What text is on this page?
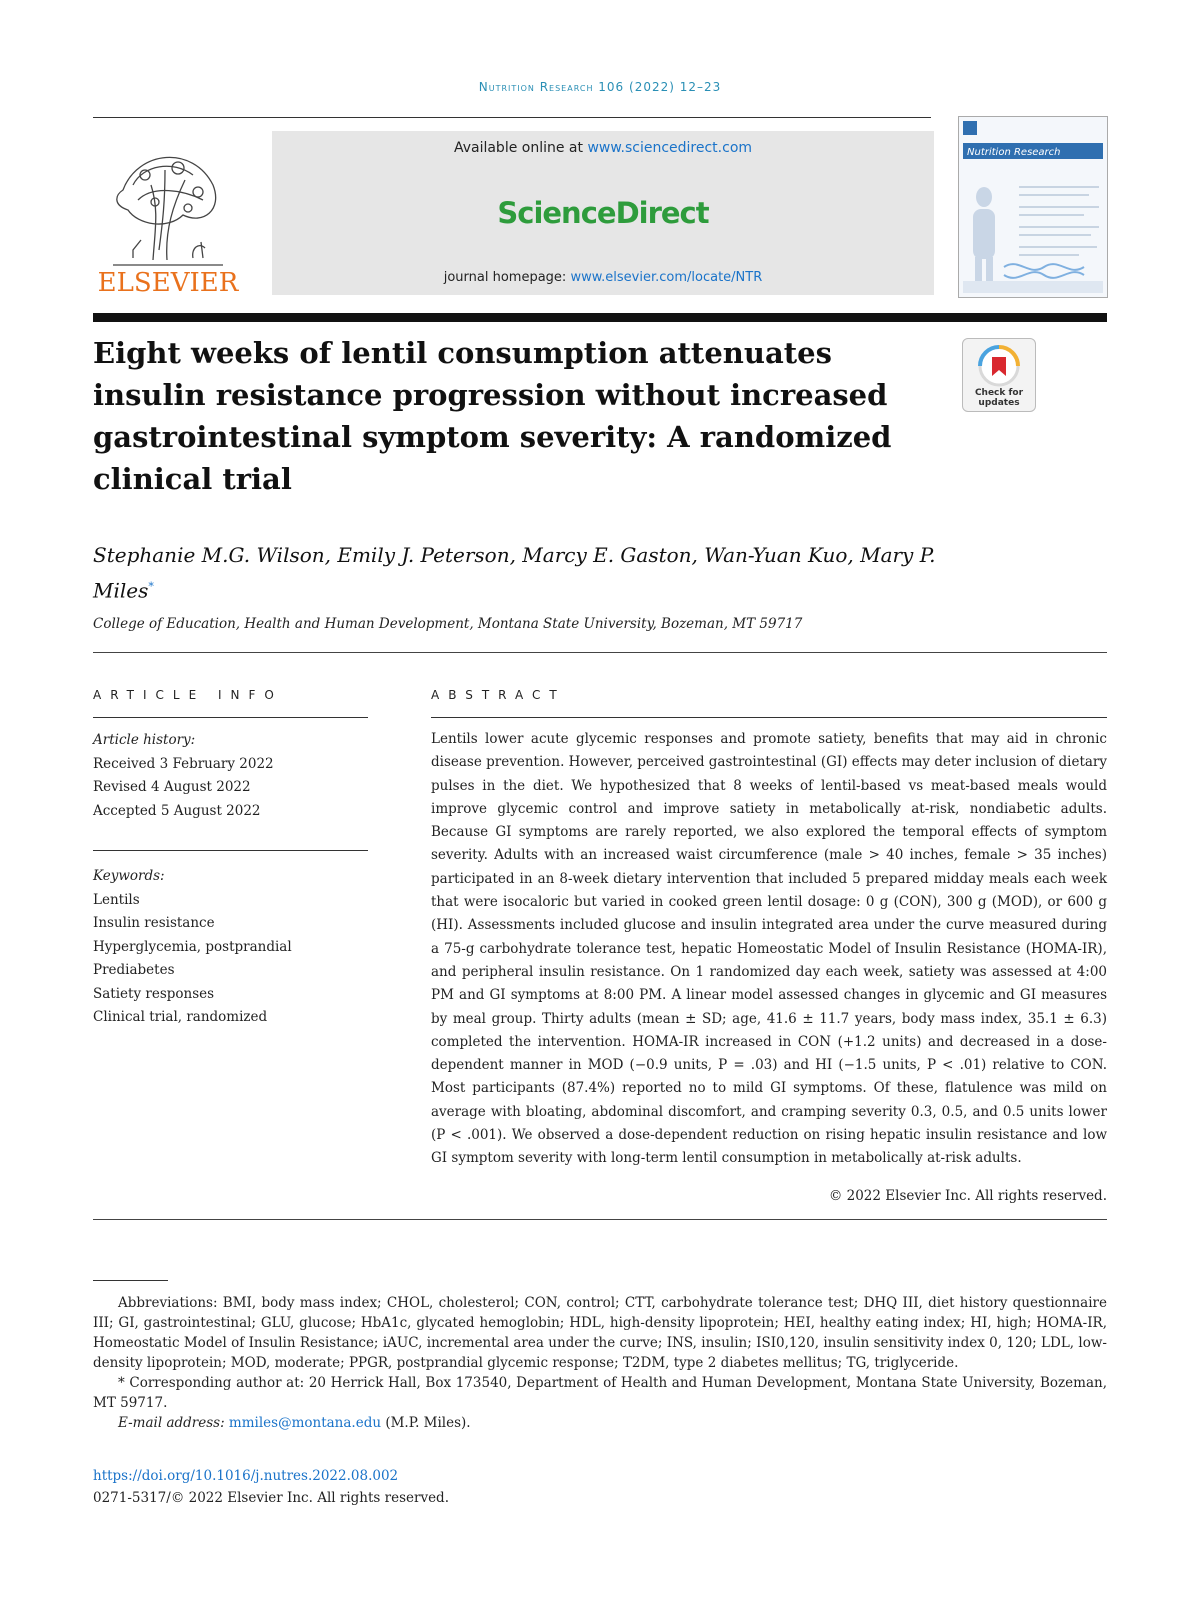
Nutrition Research 106 (2022) 12–23
ELSEVIER
Available online at www.sciencedirect.com
ScienceDirect
journal homepage: www.elsevier.com/locate/NTR
Nutrition Research
Eight weeks of lentil consumption attenuates insulin resistance progression without increased gastrointestinal symptom severity: A randomized clinical trial
Check for
updates
Stephanie M.G. Wilson, Emily J. Peterson, Marcy E. Gaston, Wan-Yuan Kuo, Mary P. Miles*
College of Education, Health and Human Development, Montana State University, Bozeman, MT 59717
ARTICLE INFO	ABSTRACT
Article history:
Received 3 February 2022
Revised 4 August 2022
Accepted 5 August 2022
Keywords:
Lentils
Insulin resistance
Hyperglycemia, postprandial
Prediabetes
Satiety responses
Clinical trial, randomized
Lentils lower acute glycemic responses and promote satiety, benefits that may aid in chronic disease prevention. However, perceived gastrointestinal (GI) effects may deter inclusion of dietary pulses in the diet. We hypothesized that 8 weeks of lentil-based vs meat-based meals would improve glycemic control and improve satiety in metabolically at-risk, nondiabetic adults. Because GI symptoms are rarely reported, we also explored the temporal effects of symptom severity. Adults with an increased waist circumference (male > 40 inches, female > 35 inches) participated in an 8-week dietary intervention that included 5 prepared midday meals each week that were isocaloric but varied in cooked green lentil dosage: 0 g (CON), 300 g (MOD), or 600 g (HI). Assessments included glucose and insulin integrated area under the curve measured during a 75-g carbohydrate tolerance test, hepatic Homeostatic Model of Insulin Resistance (HOMA-IR), and peripheral insulin resistance. On 1 randomized day each week, satiety was assessed at 4:00 PM and GI symptoms at 8:00 PM. A linear model assessed changes in glycemic and GI measures by meal group. Thirty adults (mean ± SD; age, 41.6 ± 11.7 years, body mass index, 35.1 ± 6.3) completed the intervention. HOMA-IR increased in CON (+1.2 units) and decreased in a dose-dependent manner in MOD (−0.9 units, P = .03) and HI (−1.5 units, P < .01) relative to CON. Most participants (87.4%) reported no to mild GI symptoms. Of these, flatulence was mild on average with bloating, abdominal discomfort, and cramping severity 0.3, 0.5, and 0.5 units lower (P < .001). We observed a dose-dependent reduction on rising hepatic insulin resistance and low GI symptom severity with long-term lentil consumption in metabolically at-risk adults.
© 2022 Elsevier Inc. All rights reserved.

Abbreviations: BMI, body mass index; CHOL, cholesterol; CON, control; CTT, carbohydrate tolerance test; DHQ III, diet history questionnaire III; GI, gastrointestinal; GLU, glucose; HbA1c, glycated hemoglobin; HDL, high-density lipoprotein; HEI, healthy eating index; HI, high; HOMA-IR, Homeostatic Model of Insulin Resistance; iAUC, incremental area under the curve; INS, insulin; ISI0,120, insulin sensitivity index 0, 120; LDL, low-density lipoprotein; MOD, moderate; PPGR, postprandial glycemic response; T2DM, type 2 diabetes mellitus; TG, triglyceride.

* Corresponding author at: 20 Herrick Hall, Box 173540, Department of Health and Human Development, Montana State University, Bozeman, MT 59717.

E-mail address: mmiles@montana.edu (M.P. Miles).

https://doi.org/10.1016/j.nutres.2022.08.002
0271-5317/© 2022 Elsevier Inc. All rights reserved.
